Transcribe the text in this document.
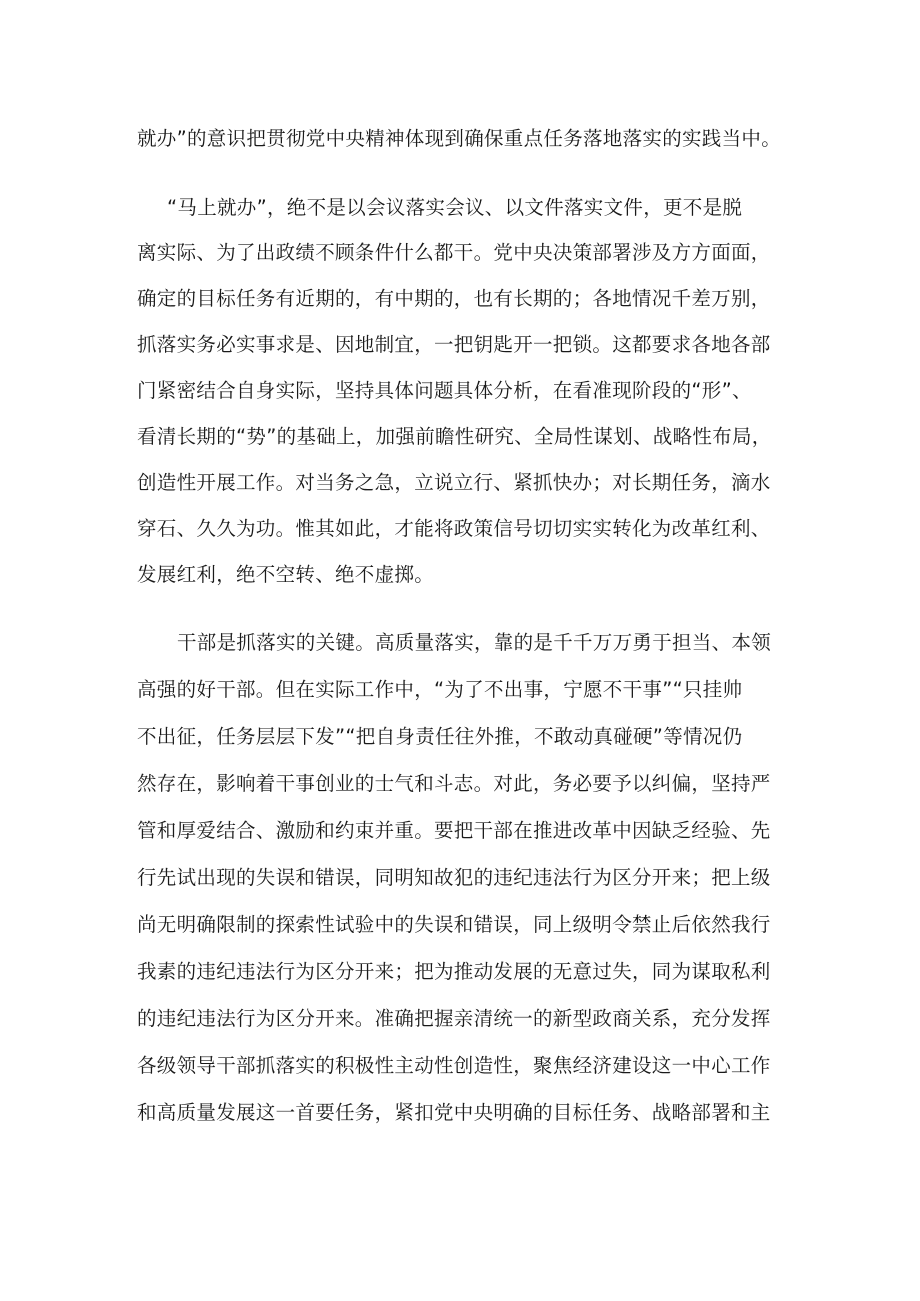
就办”的意识把贯彻党中央精神体现到确保重点任务落地落实的实践当中。
“马上就办”，绝不是以会议落实会议、以文件落实文件，更不是脱
离实际、为了出政绩不顾条件什么都干。党中央决策部署涉及方方面面，
确定的目标任务有近期的，有中期的，也有长期的；各地情况千差万别，
抓落实务必实事求是、因地制宜，一把钥匙开一把锁。这都要求各地各部
门紧密结合自身实际，坚持具体问题具体分析，在看准现阶段的“形”、
看清长期的“势”的基础上，加强前瞻性研究、全局性谋划、战略性布局，
创造性开展工作。对当务之急，立说立行、紧抓快办；对长期任务，滴水
穿石、久久为功。惟其如此，才能将政策信号切切实实转化为改革红利、
发展红利，绝不空转、绝不虚掷。
干部是抓落实的关键。高质量落实，靠的是千千万万勇于担当、本领
高强的好干部。但在实际工作中，“为了不出事，宁愿不干事”“只挂帅
不出征，任务层层下发”“把自身责任往外推，不敢动真碰硬”等情况仍
然存在，影响着干事创业的士气和斗志。对此，务必要予以纠偏，坚持严
管和厚爱结合、激励和约束并重。要把干部在推进改革中因缺乏经验、先
行先试出现的失误和错误，同明知故犯的违纪违法行为区分开来；把上级
尚无明确限制的探索性试验中的失误和错误，同上级明令禁止后依然我行
我素的违纪违法行为区分开来；把为推动发展的无意过失，同为谋取私利
的违纪违法行为区分开来。准确把握亲清统一的新型政商关系，充分发挥
各级领导干部抓落实的积极性主动性创造性，聚焦经济建设这一中心工作
和高质量发展这一首要任务，紧扣党中央明确的目标任务、战略部署和主
